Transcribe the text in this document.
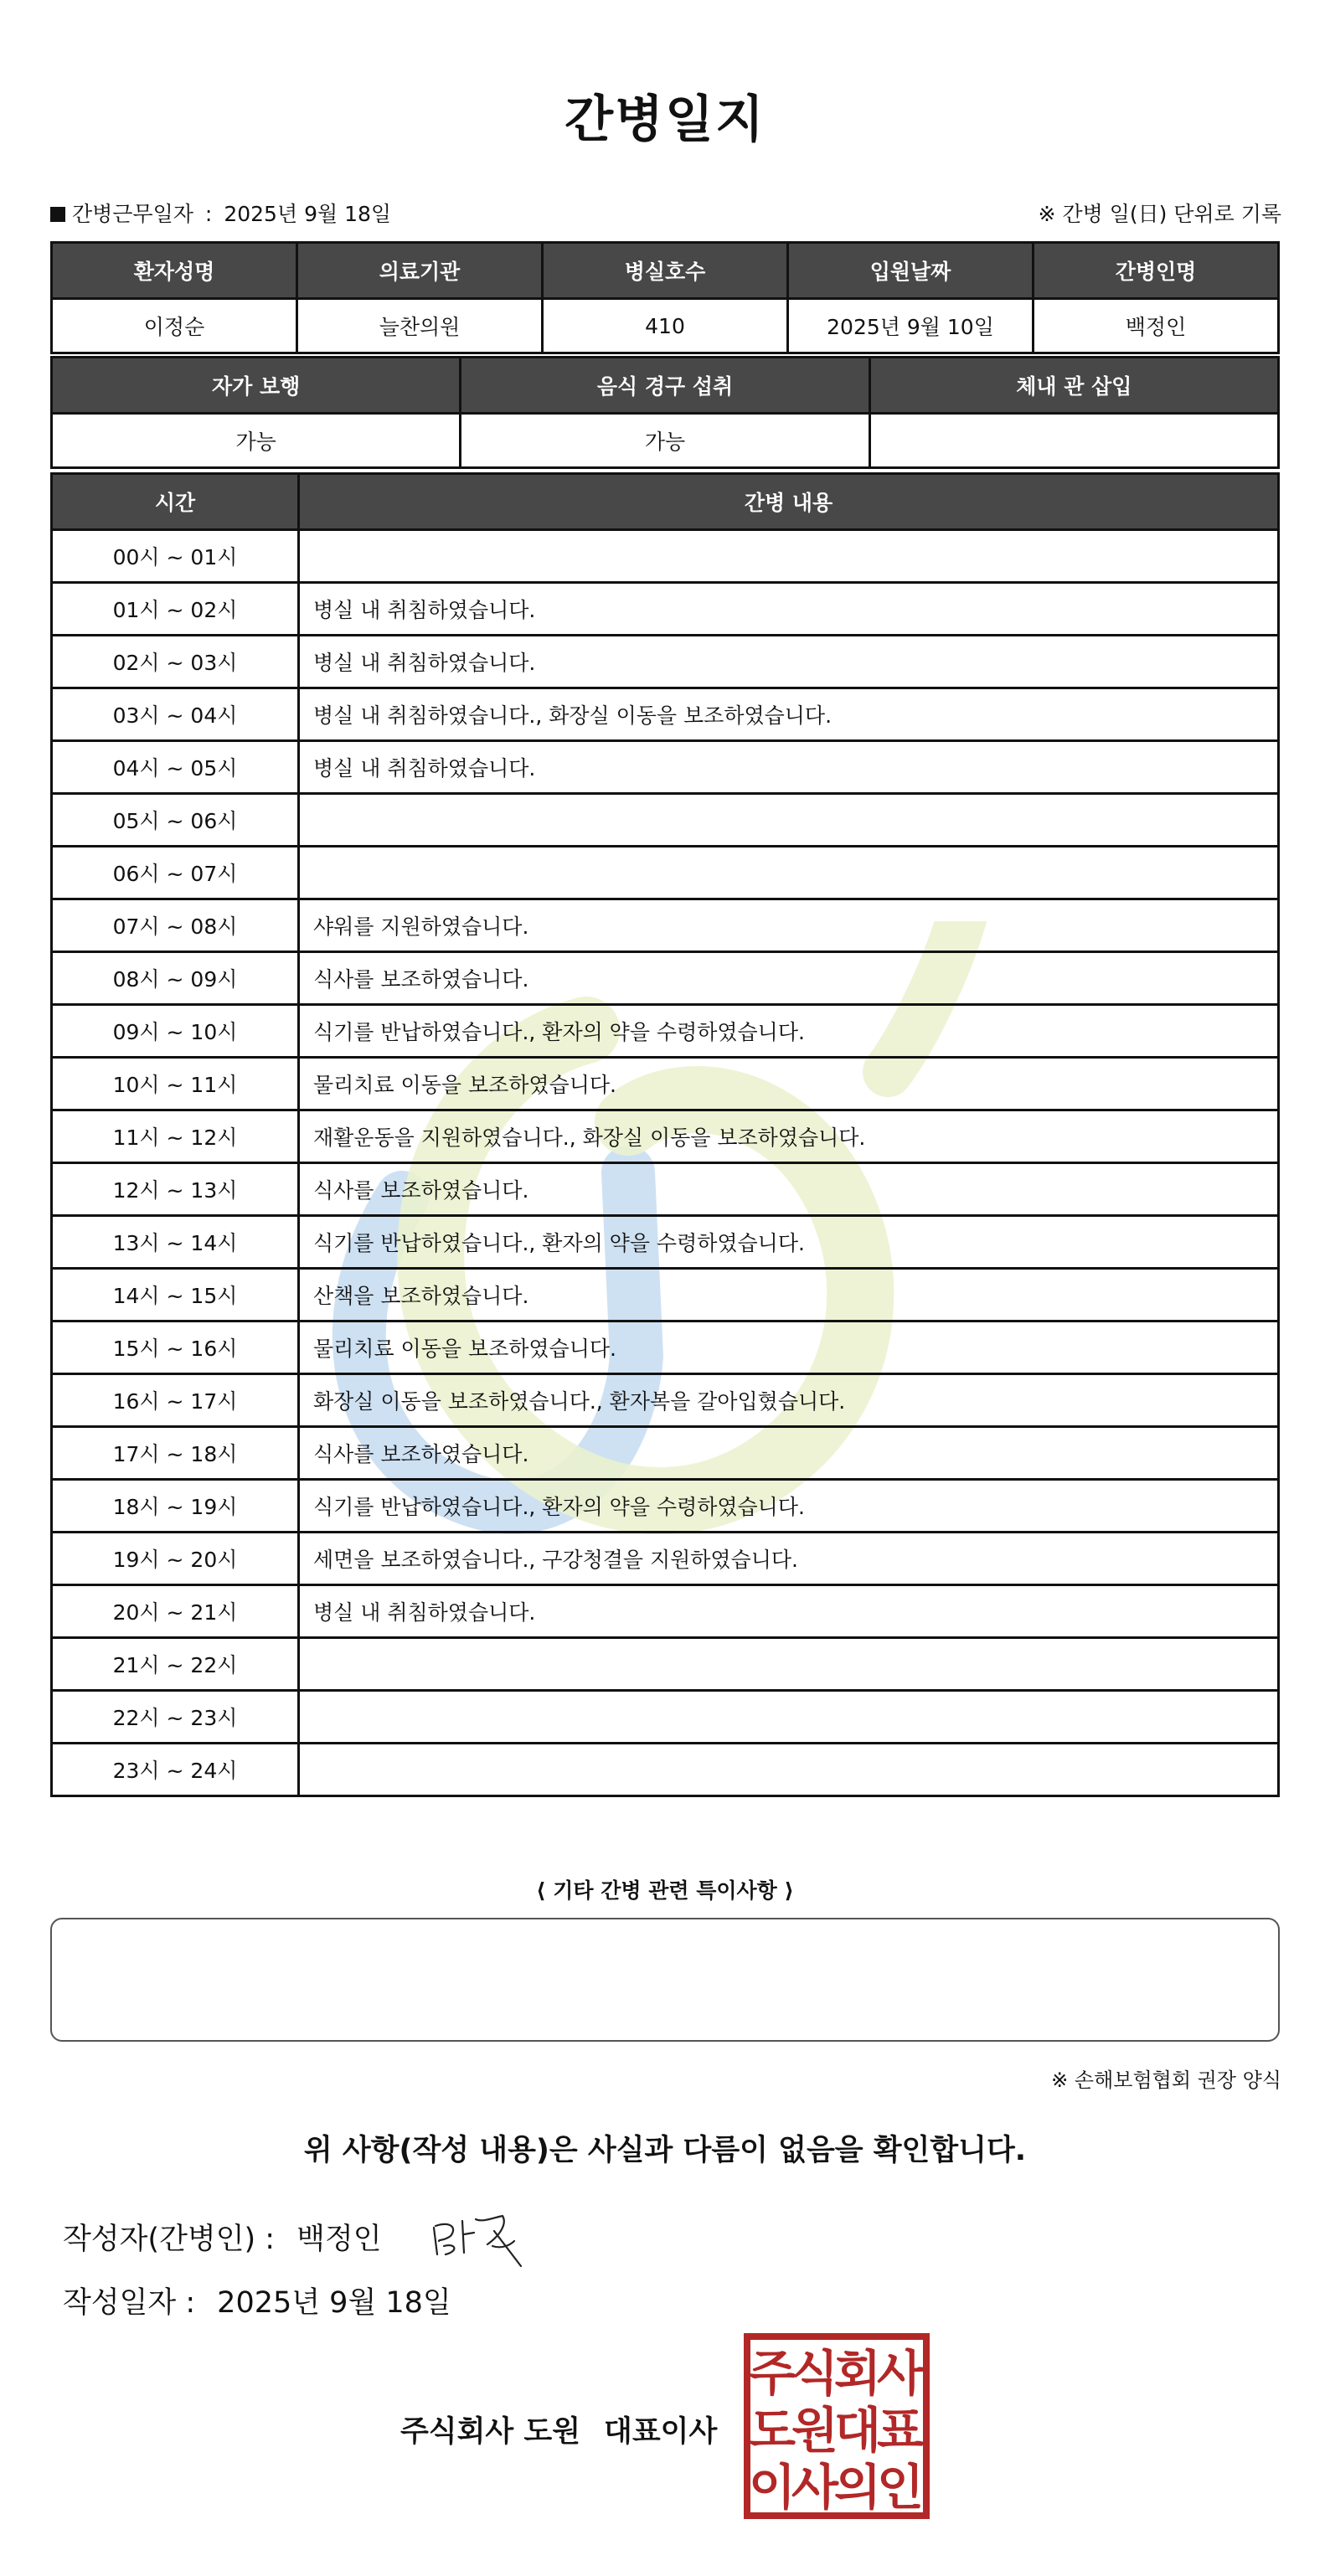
간병일지
간병근무일자 : 2025년 9월 18일	※ 간병 일(日) 단위로 기록
환자성명	의료기관	병실호수	입원날짜	간병인명
이정순	늘찬의원	410	2025년 9월 10일	백정인
자가 보행	음식 경구 섭취	체내 관 삽입
가능	가능	
시간	간병 내용
00시 ~ 01시	
01시 ~ 02시	병실 내 취침하였습니다.
02시 ~ 03시	병실 내 취침하였습니다.
03시 ~ 04시	병실 내 취침하였습니다., 화장실 이동을 보조하였습니다.
04시 ~ 05시	병실 내 취침하였습니다.
05시 ~ 06시	
06시 ~ 07시	
07시 ~ 08시	샤워를 지원하였습니다.
08시 ~ 09시	식사를 보조하였습니다.
09시 ~ 10시	식기를 반납하였습니다., 환자의 약을 수령하였습니다.
10시 ~ 11시	물리치료 이동을 보조하였습니다.
11시 ~ 12시	재활운동을 지원하였습니다., 화장실 이동을 보조하였습니다.
12시 ~ 13시	식사를 보조하였습니다.
13시 ~ 14시	식기를 반납하였습니다., 환자의 약을 수령하였습니다.
14시 ~ 15시	산책을 보조하였습니다.
15시 ~ 16시	물리치료 이동을 보조하였습니다.
16시 ~ 17시	화장실 이동을 보조하였습니다., 환자복을 갈아입혔습니다.
17시 ~ 18시	식사를 보조하였습니다.
18시 ~ 19시	식기를 반납하였습니다., 환자의 약을 수령하였습니다.
19시 ~ 20시	세면을 보조하였습니다., 구강청결을 지원하였습니다.
20시 ~ 21시	병실 내 취침하였습니다.
21시 ~ 22시	
22시 ~ 23시	
23시 ~ 24시	
⟨ 기타 간병 관련 특이사항 ⟩
※ 손해보험협회 권장 양식
위 사항(작성 내용)은 사실과 다름이 없음을 확인합니다.
작성자(간병인) : 백정인
작성일자 : 2025년 9월 18일
주식회사 도원 대표이사
주
식
회
사
도
원
대
표
이
사
의
인
